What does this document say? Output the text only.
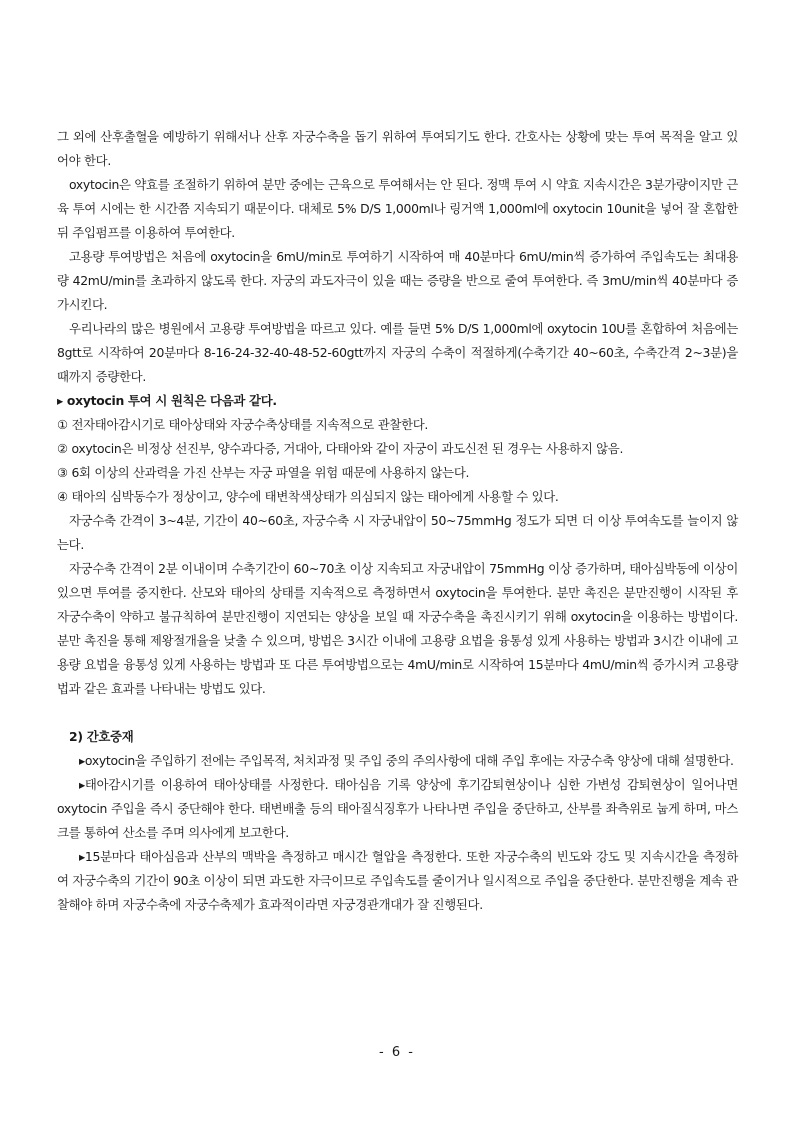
그 외에 산후출혈을 예방하기 위해서나 산후 자궁수축을 돕기 위하여 투여되기도 한다. 간호사는 상황에 맞는 투여 목적을 알고 있어야 한다.

oxytocin은 약효를 조절하기 위하여 분만 중에는 근육으로 투여해서는 안 된다. 정맥 투여 시 약효 지속시간은 3분가량이지만 근육 투여 시에는 한 시간쯤 지속되기 때문이다. 대체로 5% D/S 1,000ml나 링거액 1,000ml에 oxytocin 10unit을 넣어 잘 혼합한 뒤 주입펌프를 이용하여 투여한다.

고용량 투여방법은 처음에 oxytocin을 6mU/min로 투여하기 시작하여 매 40분마다 6mU/min씩 증가하여 주입속도는 최대용량 42mU/min를 초과하지 않도록 한다. 자궁의 과도자극이 있을 때는 증량을 반으로 줄여 투여한다. 즉 3mU/min씩 40분마다 증가시킨다.

우리나라의 많은 병원에서 고용량 투여방법을 따르고 있다. 예를 들면 5% D/S 1,000ml에 oxytocin 10U를 혼합하여 처음에는 8gtt로 시작하여 20분마다 8-16-24-32-40-48-52-60gtt까지 자궁의 수축이 적절하게(수축기간 40~60초, 수축간격 2~3분)을 때까지 증량한다.

▸ oxytocin 투여 시 원칙은 다음과 같다.

① 전자태아감시기로 태아상태와 자궁수축상태를 지속적으로 관찰한다.

② oxytocin은 비정상 선진부, 양수과다증, 거대아, 다태아와 같이 자궁이 과도신전 된 경우는 사용하지 않음.

③ 6회 이상의 산과력을 가진 산부는 자궁 파열을 위험 때문에 사용하지 않는다.

④ 태아의 심박동수가 정상이고, 양수에 태변착색상태가 의심되지 않는 태아에게 사용할 수 있다.

자궁수축 간격이 3~4분, 기간이 40~60초, 자궁수축 시 자궁내압이 50~75mmHg 정도가 되면 더 이상 투여속도를 늘이지 않는다.

자궁수축 간격이 2분 이내이며 수축기간이 60~70초 이상 지속되고 자궁내압이 75mmHg 이상 증가하며, 태아심박동에 이상이 있으면 투여를 중지한다. 산모와 태아의 상태를 지속적으로 측정하면서 oxytocin을 투여한다. 분만 촉진은 분만진행이 시작된 후 자궁수축이 약하고 불규칙하여 분만진행이 지연되는 양상을 보일 때 자궁수축을 촉진시키기 위해 oxytocin을 이용하는 방법이다. 분만 촉진을 통해 제왕절개율을 낮출 수 있으며, 방법은 3시간 이내에 고용량 요법을 융통성 있게 사용하는 방법과 3시간 이내에 고용량 요법을 융통성 있게 사용하는 방법과 또 다른 투여방법으로는 4mU/min로 시작하여 15분마다 4mU/min씩 증가시켜 고용량법과 같은 효과를 나타내는 방법도 있다.

2) 간호중재

▸oxytocin을 주입하기 전에는 주입목적, 처치과정 및 주입 중의 주의사항에 대해 주입 후에는 자궁수축 양상에 대해 설명한다.

▸태아감시기를 이용하여 태아상태를 사정한다. 태아심음 기록 양상에 후기감퇴현상이나 심한 가변성 감퇴현상이 일어나면 oxytocin 주입을 즉시 중단해야 한다. 태변배출 등의 태아질식징후가 나타나면 주입을 중단하고, 산부를 좌측위로 눕게 하며, 마스크를 통하여 산소를 주며 의사에게 보고한다.

▸15분마다 태아심음과 산부의 맥박을 측정하고 매시간 혈압을 측정한다. 또한 자궁수축의 빈도와 강도 및 지속시간을 측정하여 자궁수축의 기간이 90초 이상이 되면 과도한 자극이므로 주입속도를 줄이거나 일시적으로 주입을 중단한다. 분만진행을 계속 관찰해야 하며 자궁수축에 자궁수축제가 효과적이라면 자궁경관개대가 잘 진행된다.

- 6 -
